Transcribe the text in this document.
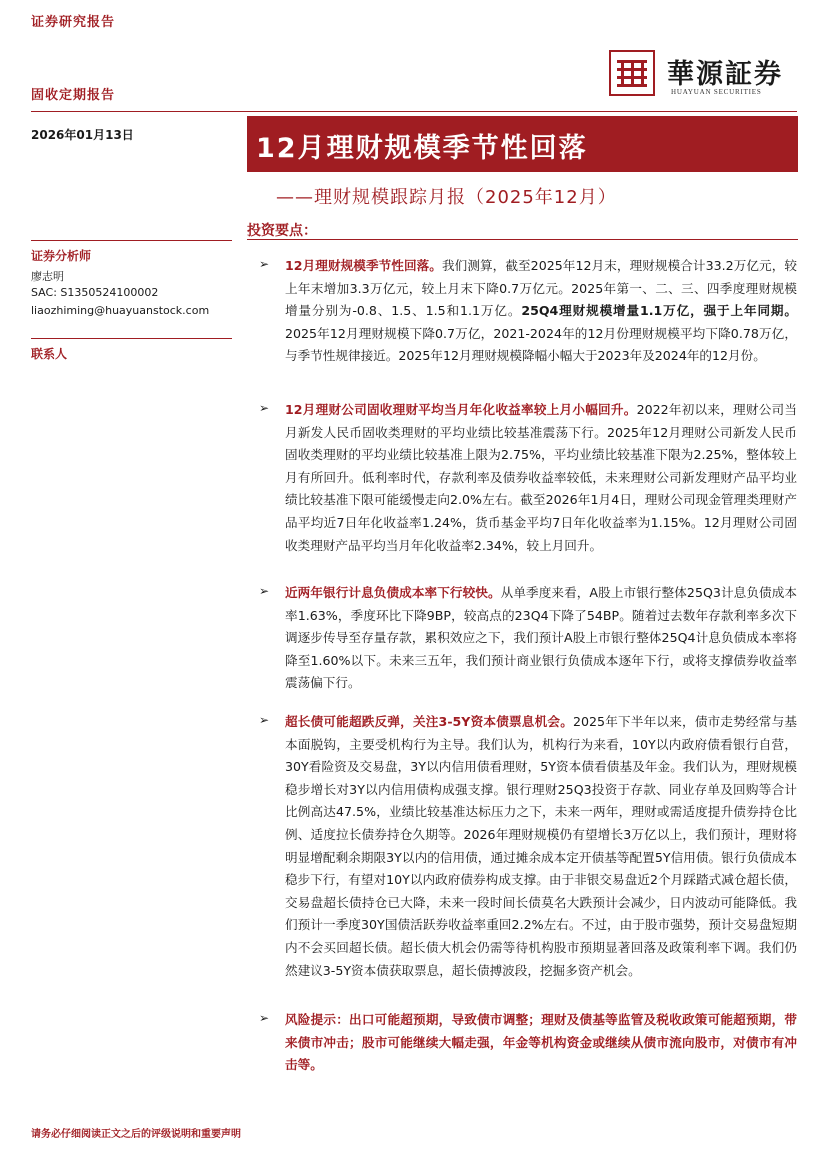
证券研究报告
固收定期报告
華源証券
HUAYUAN SECURITIES
2026年01月13日	12月理财规模季节性回落
——理财规模跟踪月报（2025年12月）
投资要点：
证券分析师
廖志明
SAC: S1350524100002
liaozhiming@huayuanstock.com
联系人
➢ 12月理财规模季节性回落。我们测算，截至2025年12月末，理财规模合计33.2万亿元，较上年末增加3.3万亿元，较上月末下降0.7万亿元。2025年第一、二、三、四季度理财规模增量分别为-0.8、1.5、1.5和1.1万亿。25Q4理财规模增量1.1万亿，强于上年同期。2025年12月理财规模下降0.7万亿，2021-2024年的12月份理财规模平均下降0.78万亿，与季节性规律接近。2025年12月理财规模降幅小幅大于2023年及2024年的12月份。
➢ 12月理财公司固收理财平均当月年化收益率较上月小幅回升。2022年初以来，理财公司当月新发人民币固收类理财的平均业绩比较基准震荡下行。2025年12月理财公司新发人民币固收类理财的平均业绩比较基准上限为2.75%，平均业绩比较基准下限为2.25%，整体较上月有所回升。低利率时代，存款利率及债券收益率较低，未来理财公司新发理财产品平均业绩比较基准下限可能缓慢走向2.0%左右。截至2026年1月4日，理财公司现金管理类理财产品平均近7日年化收益率1.24%，货币基金平均7日年化收益率为1.15%。12月理财公司固收类理财产品平均当月年化收益率2.34%，较上月回升。
➢ 近两年银行计息负债成本率下行较快。从单季度来看，A股上市银行整体25Q3计息负债成本率1.63%，季度环比下降9BP，较高点的23Q4下降了54BP。随着过去数年存款利率多次下调逐步传导至存量存款，累积效应之下，我们预计A股上市银行整体25Q4计息负债成本率将降至1.60%以下。未来三五年，我们预计商业银行负债成本逐年下行，或将支撑债券收益率震荡偏下行。
➢ 超长债可能超跌反弹，关注3-5Y资本债票息机会。2025年下半年以来，债市走势经常与基本面脱钩，主要受机构行为主导。我们认为，机构行为来看，10Y以内政府债看银行自营，30Y看险资及交易盘，3Y以内信用债看理财，5Y资本债看债基及年金。我们认为，理财规模稳步增长对3Y以内信用债构成强支撑。银行理财25Q3投资于存款、同业存单及回购等合计比例高达47.5%，业绩比较基准达标压力之下，未来一两年，理财或需适度提升债券持仓比例、适度拉长债券持仓久期等。2026年理财规模仍有望增长3万亿以上，我们预计，理财将明显增配剩余期限3Y以内的信用债，通过摊余成本定开债基等配置5Y信用债。银行负债成本稳步下行，有望对10Y以内政府债券构成支撑。由于非银交易盘近2个月踩踏式减仓超长债，交易盘超长债持仓已大降，未来一段时间长债莫名大跌预计会减少，日内波动可能降低。我们预计一季度30Y国债活跃券收益率重回2.2%左右。不过，由于股市强势，预计交易盘短期内不会买回超长债。超长债大机会仍需等待机构股市预期显著回落及政策利率下调。我们仍然建议3-5Y资本债获取票息，超长债搏波段，挖掘多资产机会。
➢ 风险提示：出口可能超预期，导致债市调整；理财及债基等监管及税收政策可能超预期，带来债市冲击；股市可能继续大幅走强，年金等机构资金或继续从债市流向股市，对债市有冲击等。
请务必仔细阅读正文之后的评级说明和重要声明
